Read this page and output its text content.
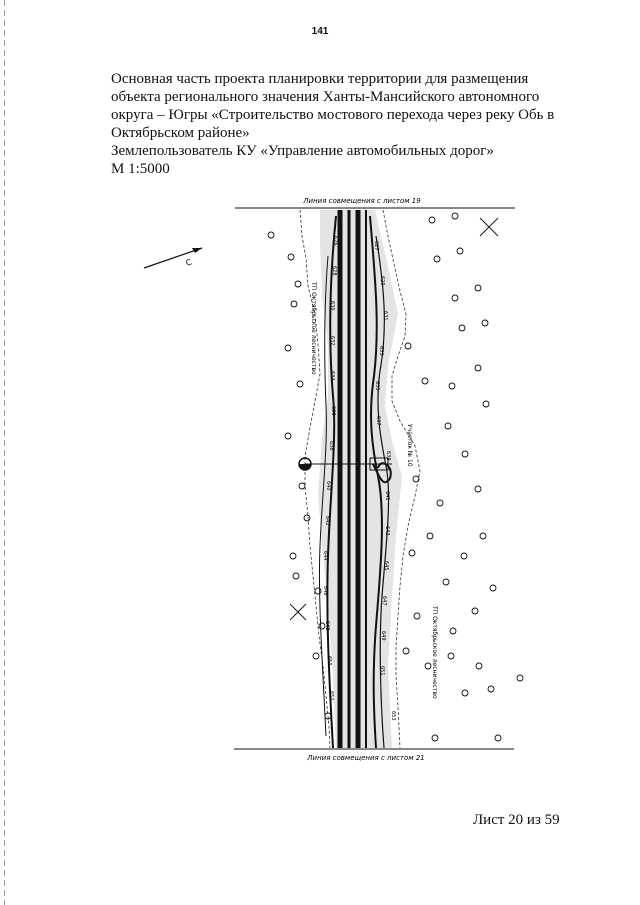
141
Основная часть проекта планировки территории для размещения
объекта регионального значения Ханты-Мансийского автономного
округа – Югры «Строительство мостового перехода через реку Обь в
Октябрьском районе»
Землепользователь КУ «Управление автомобильных дорог»
М 1:5000
Линия совмещения с листом 19
Линия совмещения с листом 21
С
ТП Октябрьское лесничество
ТП Октябрьское лесничество
Участок № 10
626
627
628
629
630
631
632
633
634
635
636
637
638
639
640
641
642
643
644
645
646
647
648
649
650
651
652
653
Лист 20 из 59
